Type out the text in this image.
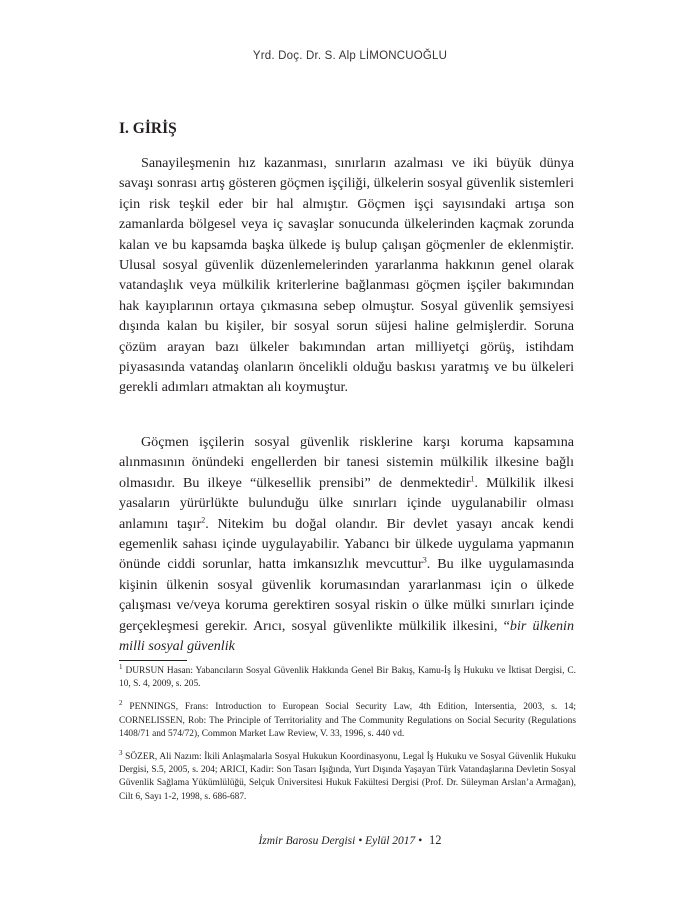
Yrd. Doç. Dr. S. Alp LİMONCUOĞLU
I. GİRİŞ

Sanayileşmenin hız kazanması, sınırların azalması ve iki büyük dünya savaşı sonrası artış gösteren göçmen işçiliği, ülkelerin sosyal güvenlik sistemleri için risk teşkil eder bir hal almıştır. Göçmen işçi sayısındaki artışa son zamanlarda bölgesel veya iç savaşlar sonucunda ülkelerinden kaçmak zorunda kalan ve bu kapsamda başka ülkede iş bulup çalışan göçmenler de eklenmiştir. Ulusal sosyal güvenlik düzenlemelerinden yararlanma hakkının genel olarak vatandaşlık veya mülkilik kriterlerine bağlanması göçmen işçiler bakımından hak kayıplarının ortaya çıkmasına sebep olmuştur. Sosyal güvenlik şemsiyesi dışında kalan bu kişiler, bir sosyal sorun süjesi haline gelmişlerdir. Soruna çözüm arayan bazı ülkeler bakımından artan milliyetçi görüş, istihdam piyasasında vatandaş olanların öncelikli olduğu baskısı yaratmış ve bu ülkeleri gerekli adımları atmaktan alı koymuştur.

Göçmen işçilerin sosyal güvenlik risklerine karşı koruma kapsamına alınmasının önündeki engellerden bir tanesi sistemin mülkilik ilkesine bağlı olmasıdır. Bu ilkeye “ülkesellik prensibi” de denmektedir$^1$. Mülkilik ilkesi yasaların yürürlükte bulunduğu ülke sınırları içinde uygulanabilir olması anlamını taşır$^2$. Nitekim bu doğal olandır. Bir devlet yasayı ancak kendi egemenlik sahası içinde uygulayabilir. Yabancı bir ülkede uygulama yapmanın önünde ciddi sorunlar, hatta imkansızlık mevcuttur$^3$. Bu ilke uygulamasında kişinin ülkenin sosyal güvenlik korumasından yararlanması için o ülkede çalışması ve/veya koruma gerektiren sosyal riskin o ülke mülki sınırları içinde gerçekleşmesi gerekir. Arıcı, sosyal güvenlikte mülkilik ilkesini, “bir ülkenin milli sosyal güvenlik

$^1$ DURSUN Hasan: Yabancıların Sosyal Güvenlik Hakkında Genel Bir Bakış, Kamu-İş İş Hukuku ve İktisat Dergisi, C. 10, S. 4, 2009, s. 205.

$^2$ PENNINGS, Frans: Introduction to European Social Security Law, 4th Edition, Intersentia, 2003, s. 14; CORNELISSEN, Rob: The Principle of Territoriality and The Community Regulations on Social Security (Regulations 1408/71 and 574/72), Common Market Law Review, V. 33, 1996, s. 440 vd.

$^3$ SÖZER, Ali Nazım: İkili Anlaşmalarla Sosyal Hukukun Koordinasyonu, Legal İş Hukuku ve Sosyal Güvenlik Hukuku Dergisi, S.5, 2005, s. 204; ARICI, Kadir: Son Tasarı Işığında, Yurt Dışında Yaşayan Türk Vatandaşlarına Devletin Sosyal Güvenlik Sağlama Yükümlülüğü, Selçuk Üniversitesi Hukuk Fakültesi Dergisi (Prof. Dr. Süleyman Arslan’a Armağan), Cilt 6, Sayı 1-2, 1998, s. 686-687.

İzmir Barosu Dergisi • Eylül 2017 • 12
